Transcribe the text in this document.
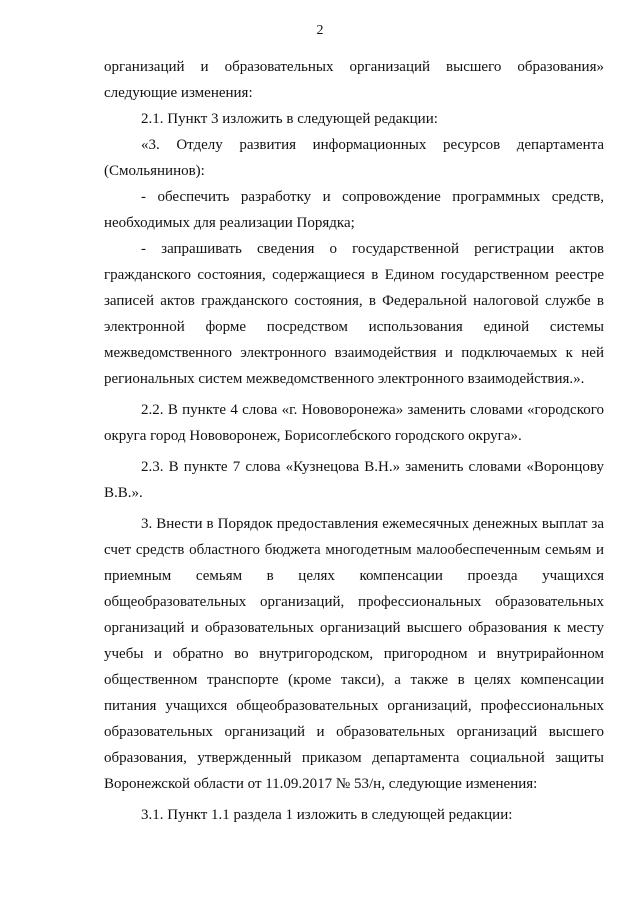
2

организаций и образовательных организаций высшего образования» следующие изменения:

2.1. Пункт 3 изложить в следующей редакции:

«3. Отделу развития информационных ресурсов департамента (Смольянинов):

- обеспечить разработку и сопровождение программных средств, необходимых для реализации Порядка;

- запрашивать сведения о государственной регистрации актов гражданского состояния, содержащиеся в Едином государственном реестре записей актов гражданского состояния, в Федеральной налоговой службе в электронной форме посредством использования единой системы межведомственного электронного взаимодействия и подключаемых к ней региональных систем межведомственного электронного взаимодействия.».

2.2. В пункте 4 слова «г. Нововоронежа» заменить словами «городского округа город Нововоронеж, Борисоглебского городского округа».

2.3. В пункте 7 слова «Кузнецова В.Н.» заменить словами «Воронцову В.В.».

3. Внести в Порядок предоставления ежемесячных денежных выплат за счет средств областного бюджета многодетным малообеспеченным семьям и приемным семьям в целях компенсации проезда учащихся общеобразовательных организаций, профессиональных образовательных организаций и образовательных организаций высшего образования к месту учебы и обратно во внутригородском, пригородном и внутрирайонном общественном транспорте (кроме такси), а также в целях компенсации питания учащихся общеобразовательных организаций, профессиональных образовательных организаций и образовательных организаций высшего образования, утвержденный приказом департамента социальной защиты Воронежской области от 11.09.2017 № 53/н, следующие изменения:

3.1. Пункт 1.1 раздела 1 изложить в следующей редакции:
